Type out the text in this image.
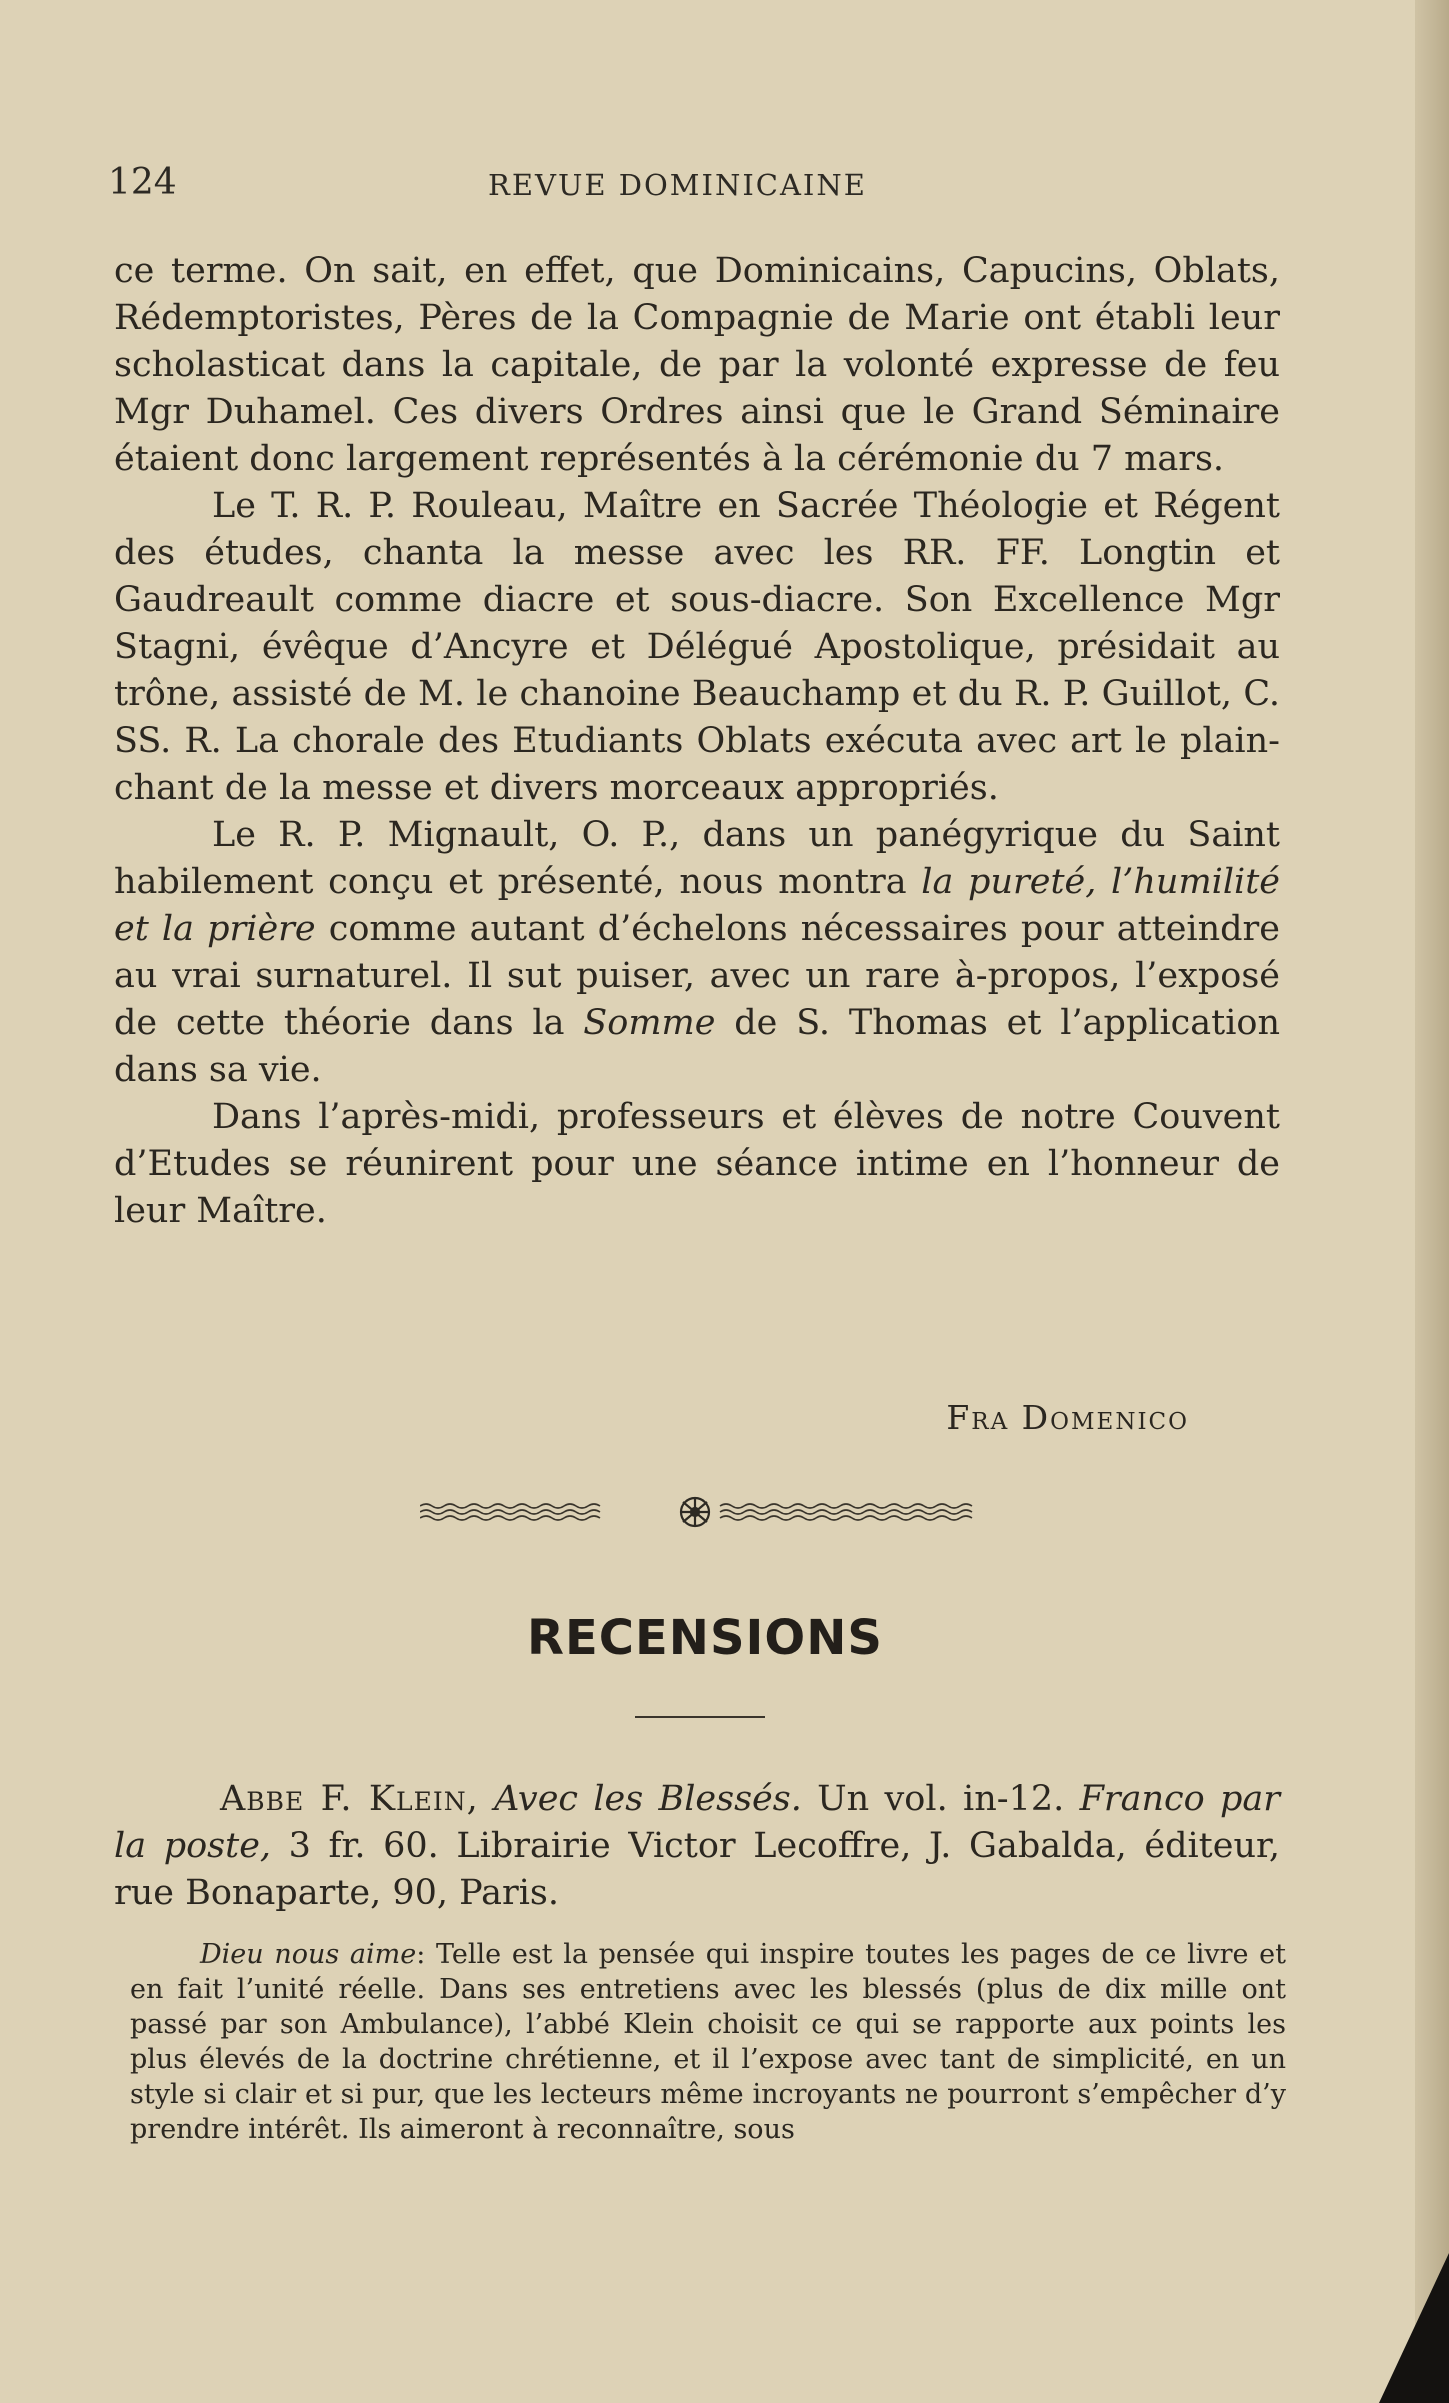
124	REVUE DOMINICAINE

ce terme. On sait, en effet, que Dominicains, Capucins, Oblats, Rédemptoristes, Pères de la Compagnie de Marie ont établi leur scholasticat dans la capitale, de par la volonté expresse de feu Mgr Duhamel. Ces divers Ordres ainsi que le Grand Séminaire étaient donc largement représentés à la cérémonie du 7 mars.

Le T. R. P. Rouleau, Maître en Sacrée Théologie et Régent des études, chanta la messe avec les RR. FF. Longtin et Gaudreault comme diacre et sous-diacre. Son Excellence Mgr Stagni, évêque d’Ancyre et Délégué Apostolique, présidait au trône, assisté de M. le chanoine Beauchamp et du R. P. Guillot, C. SS. R. La chorale des Etudiants Oblats exécuta avec art le plain-chant de la messe et divers morceaux appropriés.

Le R. P. Mignault, O. P., dans un panégyrique du Saint habilement conçu et présenté, nous montra la pureté, l’humilité et la prière comme autant d’échelons nécessaires pour atteindre au vrai surnaturel. Il sut puiser, avec un rare à-propos, l’exposé de cette théorie dans la Somme de S. Thomas et l’application dans sa vie.

Dans l’après-midi, professeurs et élèves de notre Couvent d’Etudes se réunirent pour une séance intime en l’honneur de leur Maître.

Fra Domenico
RECENSIONS
Abbe F. Klein, Avec les Blessés. Un vol. in-12. Franco par la poste, 3 fr. 60. Librairie Victor Lecoffre, J. Gabalda, éditeur, rue Bonaparte, 90, Paris.
Dieu nous aime: Telle est la pensée qui inspire toutes les pages de ce livre et en fait l’unité réelle. Dans ses entretiens avec les blessés (plus de dix mille ont passé par son Ambulance), l’abbé Klein choisit ce qui se rapporte aux points les plus élevés de la doctrine chrétienne, et il l’expose avec tant de simplicité, en un style si clair et si pur, que les lecteurs même incroyants ne pourront s’empêcher d’y prendre intérêt. Ils aimeront à reconnaître, sous
